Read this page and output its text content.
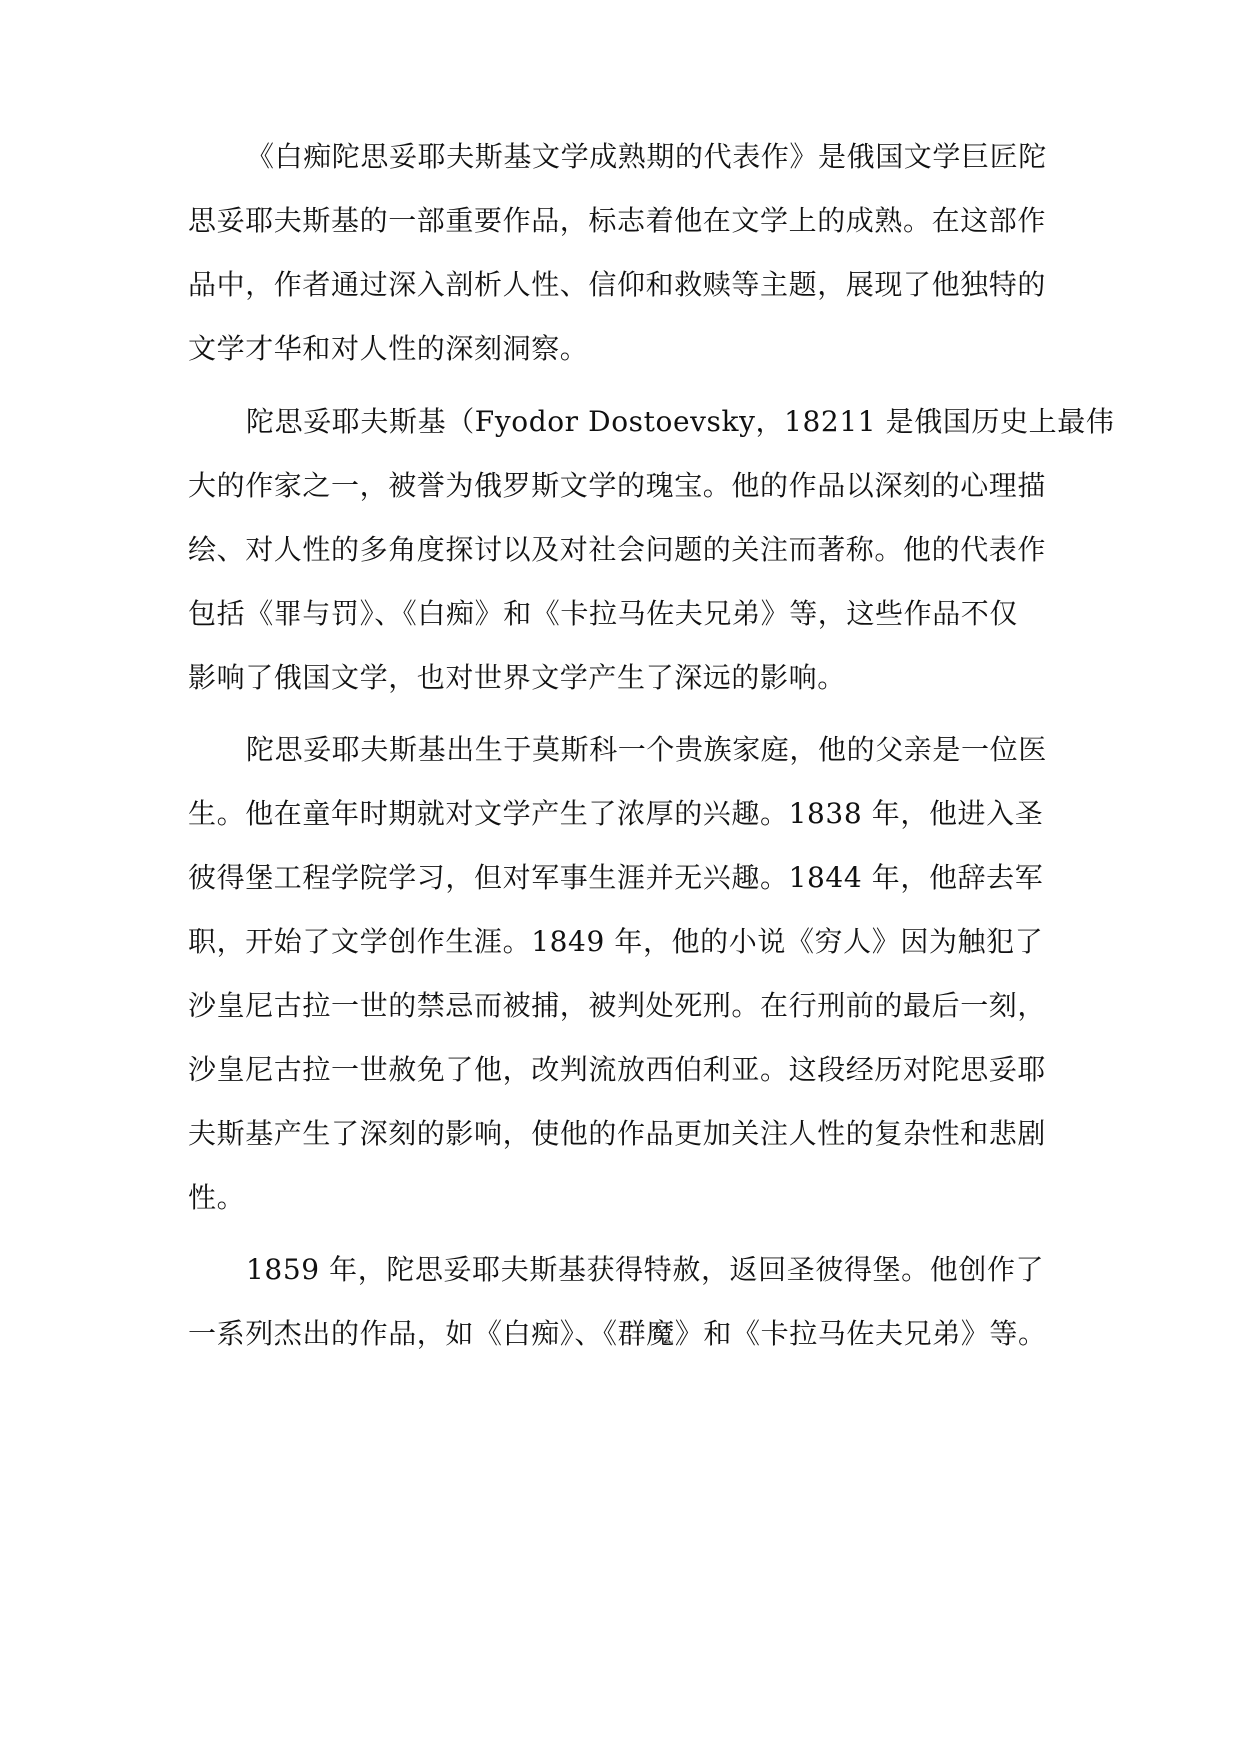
《白痴陀思妥耶夫斯基文学成熟期的代表作》是俄国文学巨匠陀
思妥耶夫斯基的一部重要作品，标志着他在文学上的成熟。在这部作
品中，作者通过深入剖析人性、信仰和救赎等主题，展现了他独特的
文学才华和对人性的深刻洞察。
陀思妥耶夫斯基（Fyodor Dostoevsky，18211 是俄国历史上最伟
大的作家之一，被誉为俄罗斯文学的瑰宝。他的作品以深刻的心理描
绘、对人性的多角度探讨以及对社会问题的关注而著称。他的代表作
包括《罪与罚》、《白痴》和《卡拉马佐夫兄弟》等，这些作品不仅
影响了俄国文学，也对世界文学产生了深远的影响。
陀思妥耶夫斯基出生于莫斯科一个贵族家庭，他的父亲是一位医
生。他在童年时期就对文学产生了浓厚的兴趣。1838 年，他进入圣
彼得堡工程学院学习，但对军事生涯并无兴趣。1844 年，他辞去军
职，开始了文学创作生涯。1849 年，他的小说《穷人》因为触犯了
沙皇尼古拉一世的禁忌而被捕，被判处死刑。在行刑前的最后一刻，
沙皇尼古拉一世赦免了他，改判流放西伯利亚。这段经历对陀思妥耶
夫斯基产生了深刻的影响，使他的作品更加关注人性的复杂性和悲剧
性。
1859 年，陀思妥耶夫斯基获得特赦，返回圣彼得堡。他创作了
一系列杰出的作品，如《白痴》、《群魔》和《卡拉马佐夫兄弟》等。
